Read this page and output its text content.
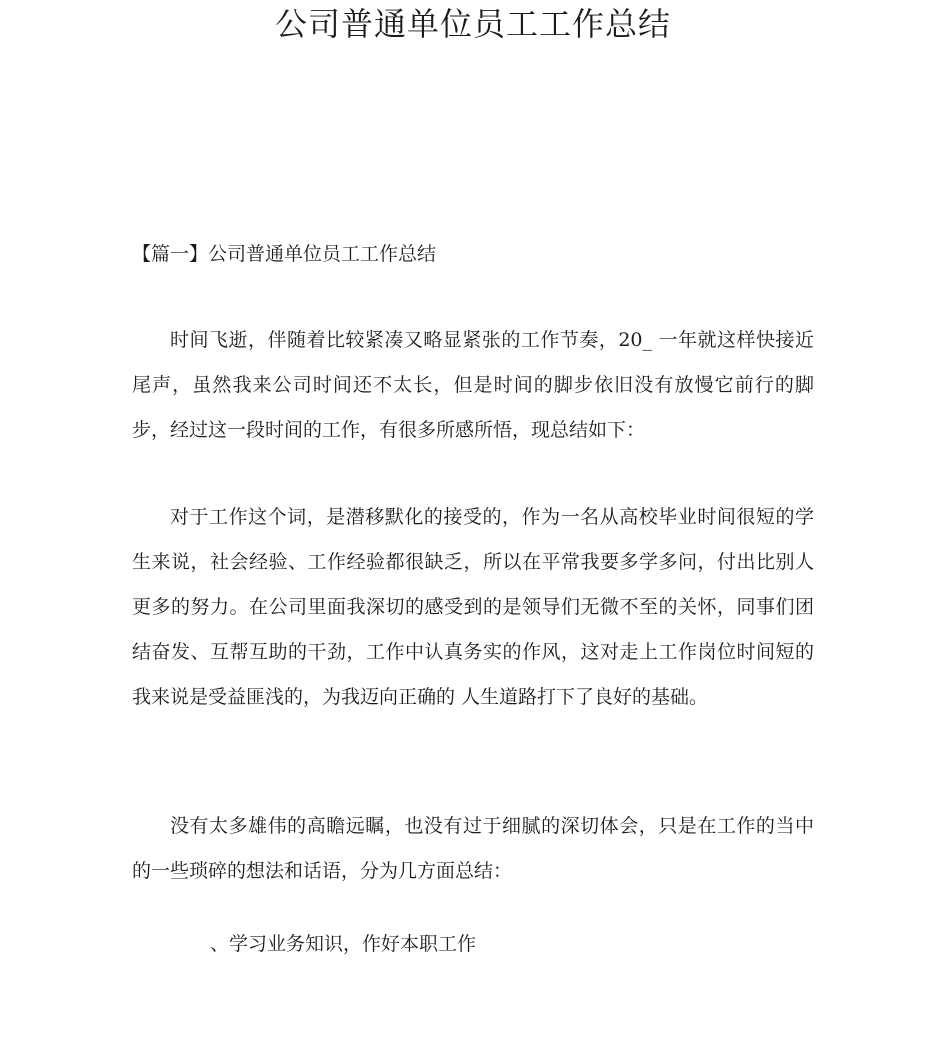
公司普通单位员工工作总结
【篇一】公司普通单位员工工作总结

时间飞逝，伴随着比较紧凑又略显紧张的工作节奏，20_ 一年就这样快接近尾声，虽然我来公司时间还不太长，但是时间的脚步依旧没有放慢它前行的脚步，经过这一段时间的工作，有很多所感所悟，现总结如下：

对于工作这个词，是潜移默化的接受的，作为一名从高校毕业时间很短的学生来说，社会经验、工作经验都很缺乏，所以在平常我要多学多问，付出比别人更多的努力。在公司里面我深切的感受到的是领导们无微不至的关怀，同事们团结奋发、互帮互助的干劲，工作中认真务实的作风，这对走上工作岗位时间短的我来说是受益匪浅的，为我迈向正确的 人生道路打下了良好的基础。

没有太多雄伟的高瞻远瞩，也没有过于细腻的深切体会，只是在工作的当中的一些琐碎的想法和话语，分为几方面总结：

、学习业务知识，作好本职工作
